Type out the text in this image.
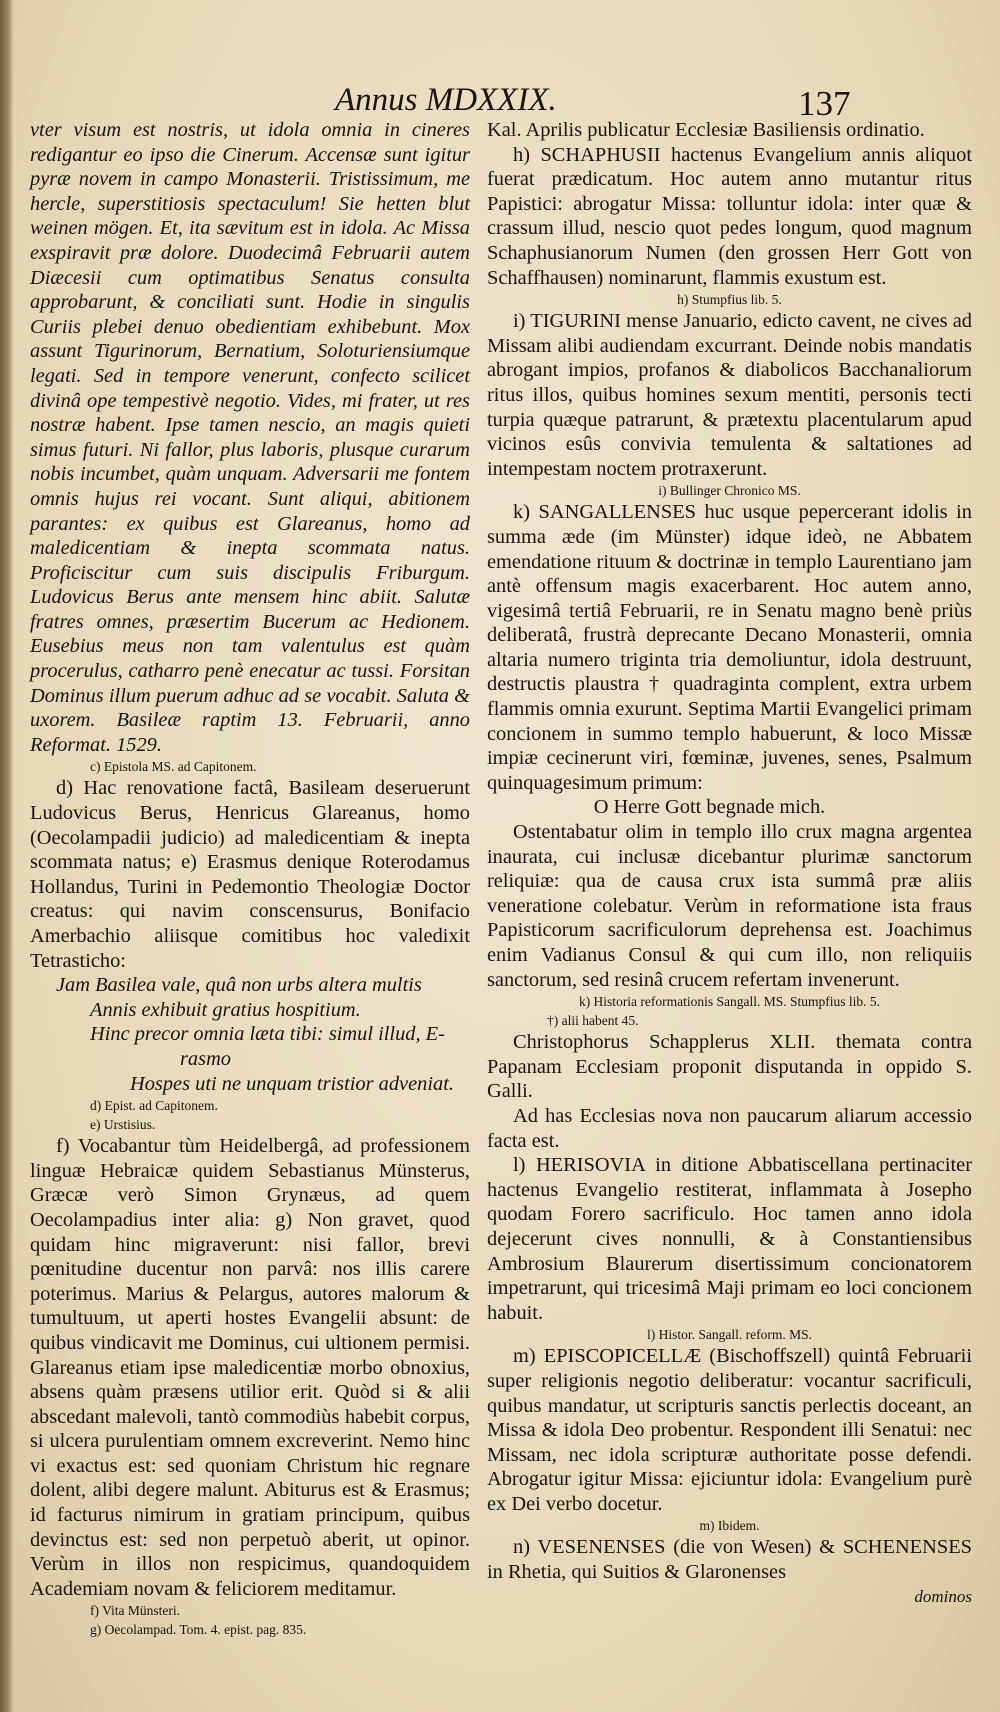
Annus MDXXIX.	137

vter visum est nostris, ut idola omnia in cineres redigantur eo ipso die Cinerum. Accensæ sunt igitur pyræ novem in campo Monasterii. Tristissimum, me hercle, superstitiosis spectaculum! Sie hetten blut weinen mögen. Et, ita sævitum est in idola. Ac Missa exspiravit præ dolore. Duodecimâ Februarii autem Diæcesii cum optimatibus Senatus consulta approbarunt, & conciliati sunt. Hodie in singulis Curiis plebei denuo obedientiam exhibebunt. Mox assunt Tigurinorum, Bernatium, Soloturiensiumque legati. Sed in tempore venerunt, confecto scilicet divinâ ope tempestivè negotio. Vides, mi frater, ut res nostræ habent. Ipse tamen nescio, an magis quieti simus futuri. Ni fallor, plus laboris, plusque curarum nobis incumbet, quàm unquam. Adversarii me fontem omnis hujus rei vocant. Sunt aliqui, abitionem parantes: ex quibus est Glareanus, homo ad maledicentiam & inepta scommata natus. Proficiscitur cum suis discipulis Friburgum. Ludovicus Berus ante mensem hinc abiit. Salutæ fratres omnes, præsertim Bucerum ac Hedionem. Eusebius meus non tam valentulus est quàm procerulus, catharro penè enecatur ac tussi. Forsitan Dominus illum puerum adhuc ad se vocabit. Saluta & uxorem. Basileæ raptim 13. Februarii, anno Reformat. 1529.

c) Epistola MS. ad Capitonem.

d) Hac renovatione factâ, Basileam deseruerunt Ludovicus Berus, Henricus Glareanus, homo (Oecolampadii judicio) ad maledicentiam & inepta scommata natus; e) Erasmus denique Roterodamus Hollandus, Turini in Pedemontio Theologiæ Doctor creatus: qui navim conscensurus, Bonifacio Amerbachio aliisque comitibus hoc valedixit Tetrasticho:

Jam Basilea vale, quâ non urbs altera multis
Annis exhibuit gratius hospitium.
Hinc precor omnia læta tibi: simul illud, E-
rasmo
Hospes uti ne unquam tristior adveniat.
d) Epist. ad Capitonem.
e) Urstisius.

f) Vocabantur tùm Heidelbergâ, ad professionem linguæ Hebraicæ quidem Sebastianus Münsterus, Græcæ verò Simon Grynæus, ad quem Oecolampadius inter alia: g) Non gravet, quod quidam hinc migraverunt: nisi fallor, brevi pœnitudine ducentur non parvâ: nos illis carere poterimus. Marius & Pelargus, autores malorum & tumultuum, ut aperti hostes Evangelii absunt: de quibus vindicavit me Dominus, cui ultionem permisi. Glareanus etiam ipse maledicentiæ morbo obnoxius, absens quàm præsens utilior erit. Quòd si & alii abscedant malevoli, tantò commodiùs habebit corpus, si ulcera purulentiam omnem excreverint. Nemo hinc vi exactus est: sed quoniam Christum hic regnare dolent, alibi degere malunt. Abiturus est & Erasmus; id facturus nimirum in gratiam principum, quibus devinctus est: sed non perpetuò aberit, ut opinor. Verùm in illos non respicimus, quandoquidem Academiam novam & feliciorem meditamur.

f) Vita Münsteri.
g) Oecolampad. Tom. 4. epist. pag. 835.

Kal. Aprilis publicatur Ecclesiæ Basiliensis ordinatio.

h) SCHAPHUSII hactenus Evangelium annis aliquot fuerat prædicatum. Hoc autem anno mutantur ritus Papistici: abrogatur Missa: tolluntur idola: inter quæ & crassum illud, nescio quot pedes longum, quod magnum Schaphusianorum Numen (den grossen Herr Gott von Schaffhausen) nominarunt, flammis exustum est.

h) Stumpfius lib. 5.

i) TIGURINI mense Januario, edicto cavent, ne cives ad Missam alibi audiendam excurrant. Deinde nobis mandatis abrogant impios, profanos & diabolicos Bacchanaliorum ritus illos, quibus homines sexum mentiti, personis tecti turpia quæque patrarunt, & prætextu placentularum apud vicinos esûs convivia temulenta & saltationes ad intempestam noctem protraxerunt.

i) Bullinger Chronico MS.

k) SANGALLENSES huc usque pepercerant idolis in summa æde (im Münster) idque ideò, ne Abbatem emendatione rituum & doctrinæ in templo Laurentiano jam antè offensum magis exacerbarent. Hoc autem anno, vigesimâ tertiâ Februarii, re in Senatu magno benè priùs deliberatâ, frustrà deprecante Decano Monasterii, omnia altaria numero triginta tria demoliuntur, idola destruunt, destructis plaustra † quadraginta complent, extra urbem flammis omnia exurunt. Septima Martii Evangelici primam concionem in summo templo habuerunt, & loco Missæ impiæ cecinerunt viri, fœminæ, juvenes, senes, Psalmum quinquagesimum primum:

O Herre Gott begnade mich.

Ostentabatur olim in templo illo crux magna argentea inaurata, cui inclusæ dicebantur plurimæ sanctorum reliquiæ: qua de causa crux ista summâ præ aliis veneratione colebatur. Verùm in reformatione ista fraus Papisticorum sacrificulorum deprehensa est. Joachimus enim Vadianus Consul & qui cum illo, non reliquiis sanctorum, sed resinâ crucem refertam invenerunt.

k) Historia reformationis Sangall. MS. Stumpfius lib. 5.
†) alii habent 45.

Christophorus Schapplerus XLII. themata contra Papanam Ecclesiam proponit disputanda in oppido S. Galli.

Ad has Ecclesias nova non paucarum aliarum accessio facta est.

l) HERISOVIA in ditione Abbatiscellana pertinaciter hactenus Evangelio restiterat, inflammata à Josepho quodam Forero sacrificulo. Hoc tamen anno idola dejecerunt cives nonnulli, & à Constantiensibus Ambrosium Blaurerum disertissimum concionatorem impetrarunt, qui tricesimâ Maji primam eo loci concionem habuit.

l) Histor. Sangall. reform. MS.

m) EPISCOPICELLÆ (Bischoffszell) quintâ Februarii super religionis negotio deliberatur: vocantur sacrificuli, quibus mandatur, ut scripturis sanctis perlectis doceant, an Missa & idola Deo probentur. Respondent illi Senatui: nec Missam, nec idola scripturæ authoritate posse defendi. Abrogatur igitur Missa: ejiciuntur idola: Evangelium purè ex Dei verbo docetur.

m) Ibidem.

n) VESENENSES (die von Wesen) & SCHENENSES in Rhetia, qui Suitios & Glaronenses

dominos
